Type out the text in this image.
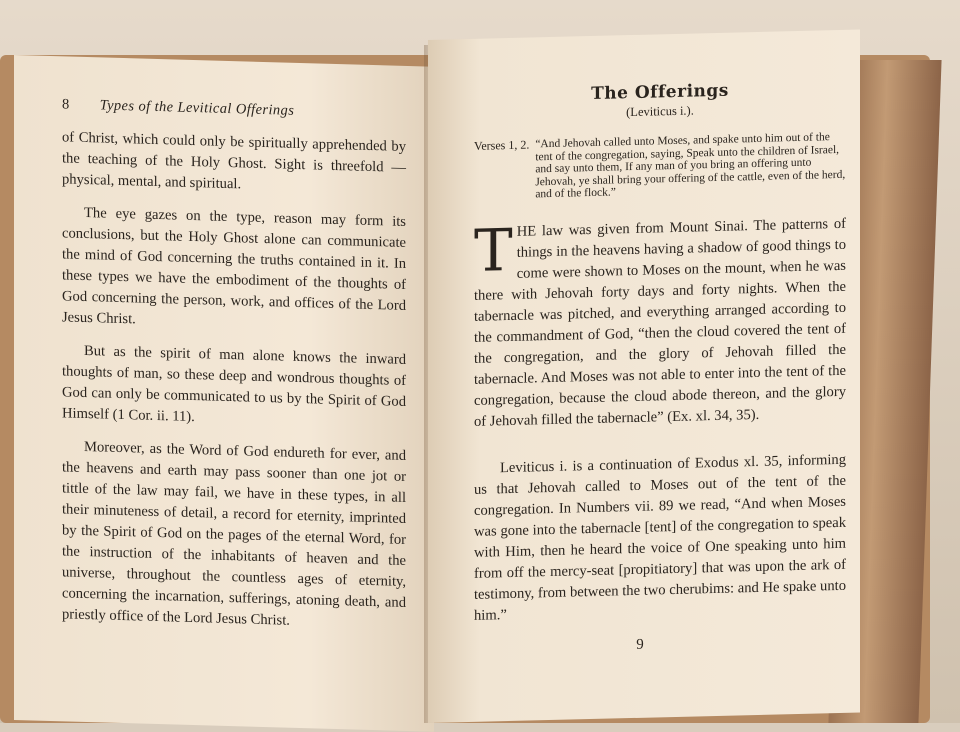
8 Types of the Levitical Offerings

of Christ, which could only be spiritually apprehended by the teaching of the Holy Ghost. Sight is threefold —physical, mental, and spiritual.

The eye gazes on the type, reason may form its conclusions, but the Holy Ghost alone can communicate the mind of God concerning the truths contained in it. In these types we have the embodiment of the thoughts of God concerning the person, work, and offices of the Lord Jesus Christ.

But as the spirit of man alone knows the inward thoughts of man, so these deep and wondrous thoughts of God can only be communicated to us by the Spirit of God Himself (1 Cor. ii. 11).

Moreover, as the Word of God endureth for ever, and the heavens and earth may pass sooner than one jot or tittle of the law may fail, we have in these types, in all their minuteness of detail, a record for eternity, imprinted by the Spirit of God on the pages of the eternal Word, for the instruction of the inhabitants of heaven and the universe, throughout the countless ages of eternity, concerning the incarnation, sufferings, atoning death, and priestly office of the Lord Jesus Christ.

The Offerings
(Leviticus i.).
Verses 1, 2. “And Jehovah called unto Moses, and spake unto him out of the tent of the congregation, saying, Speak unto the children of Israel, and say unto them, If any man of you bring an offering unto Jehovah, ye shall bring your offering of the cattle, even of the herd, and of the flock.”

T HE law was given from Mount Sinai. The patterns of things in the heavens having a shadow of good things to come were shown to Moses on the mount, when he was there with Jehovah forty days and forty nights. When the tabernacle was pitched, and everything arranged according to the commandment of God, “then the cloud covered the tent of the congregation, and the glory of Jehovah filled the tabernacle. And Moses was not able to enter into the tent of the congregation, because the cloud abode thereon, and the glory of Jehovah filled the tabernacle” (Ex. xl. 34, 35).

Leviticus i. is a continuation of Exodus xl. 35, informing us that Jehovah called to Moses out of the tent of the congregation. In Numbers vii. 89 we read, “And when Moses was gone into the tabernacle [tent] of the congregation to speak with Him, then he heard the voice of One speaking unto him from off the mercy-seat [propitiatory] that was upon the ark of testimony, from between the two cherubims: and He spake unto him.”

9
